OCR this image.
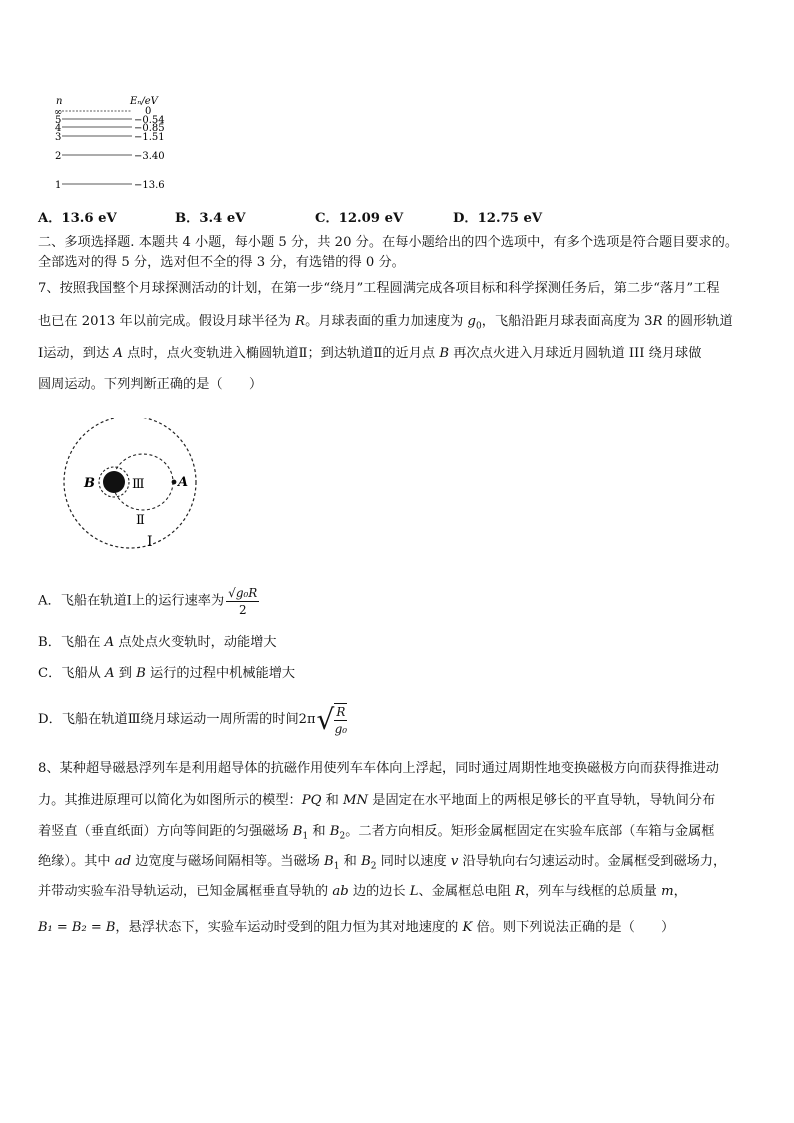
n	Eₙ/eV
∞
5
4
3
2
1
0
−0.54
−0.85
−1.51
−3.40
−13.6
A．13.6 eV	B．3.4 eV	C．12.09 eV	D．12.75 eV
二、多项选择题. 本题共 4 小题，每小题 5 分，共 20 分。在每小题给出的四个选项中，有多个选项是符合题目要求的。
全部选对的得 5 分，选对但不全的得 3 分，有选错的得 0 分。
7、按照我国整个月球探测活动的计划，在第一步“绕月”工程圆满完成各项目标和科学探测任务后，第二步“落月”工程
也已在 2013 年以前完成。假设月球半径为 R。月球表面的重力加速度为 $g_0$，飞船沿距月球表面高度为 3R 的圆形轨道
Ⅰ运动，到达 A 点时，点火变轨进入椭圆轨道Ⅱ；到达轨道Ⅱ的近月点 B 再次点火进入月球近月圆轨道 III 绕月球做
圆周运动。下列判断正确的是（　　）
B	A
Ⅲ
Ⅱ
Ⅰ
A．飞船在轨道Ⅰ上的运行速率为 $\frac{\text{√g₀R}}{2}$
B．飞船在 A 点处点火变轨时，动能增大
C．飞船从 A 到 B 运行的过程中机械能增大
D．飞船在轨道Ⅲ绕月球运动一周所需的时间$2\pi√ \frac{R}{\text{g₀}}$
8、某种超导磁悬浮列车是利用超导体的抗磁作用使列车车体向上浮起，同时通过周期性地变换磁极方向而获得推进动
力。其推进原理可以简化为如图所示的模型：PQ 和 MN 是固定在水平地面上的两根足够长的平直导轨，导轨间分布
着竖直（垂直纸面）方向等间距的匀强磁场 $B_1$ 和 $B_2$。二者方向相反。矩形金属框固定在实验车底部（车箱与金属框
绝缘）。其中 ad 边宽度与磁场间隔相等。当磁场 $B_1$ 和 $B_2$ 同时以速度 v 沿导轨向右匀速运动时。金属框受到磁场力，
并带动实验车沿导轨运动，已知金属框垂直导轨的 ab 边的边长 L、金属框总电阻 R，列车与线框的总质量 m，
B₁ = B₂ = B，悬浮状态下，实验车运动时受到的阻力恒为其对地速度的 K 倍。则下列说法正确的是（　　）
